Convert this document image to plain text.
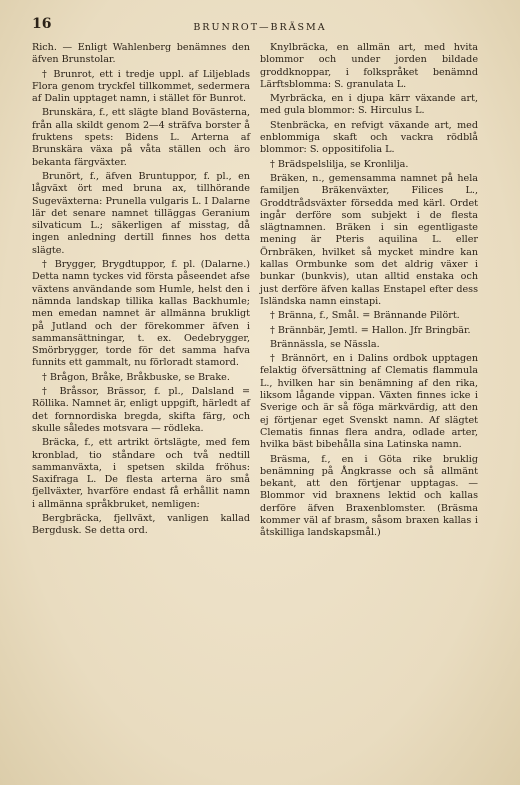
16	BRUNROT—BRÄSMA

Rich. — Enligt Wahlenberg benämnes den äfven Brunstolar.

† Brunrot, ett i tredje uppl. af Liljeblads Flora genom tryckfel tillkommet, sedermera af Dalin upptaget namn, i stället för Bunrot.

Brunskära, f., ett slägte bland Bovästerna, från alla skildt genom 2—4 sträfva borster å fruktens spets: Bidens L. Arterna af Brunskära växa på våta ställen och äro bekanta färgväxter.

Brunört, f., äfven Bruntuppor, f. pl., en lågväxt ört med bruna ax, tillhörande Sugeväxterna: Prunella vulgaris L. I Dalarne lär det senare namnet tilläggas Geranium silvaticum L.; säkerligen af misstag, då ingen anledning dertill finnes hos detta slägte.

† Brygger, Brygdtuppor, f. pl. (Dalarne.) Detta namn tyckes vid första påseendet afse växtens användande som Humle, helst den i nämnda landskap tillika kallas Backhumle; men emedan namnet är allmänna brukligt på Jutland och der förekommer äfven i sammansättningar, t. ex. Oedebrygger, Smörbrygger, torde för det samma hafva funnits ett gammalt, nu förloradt stamord.

† Brågon, Bråke, Bråkbuske, se Brake.

† Bråssor, Brässor, f. pl., Dalsland = Röllika. Namnet är, enligt uppgift, härledt af det fornnordiska bregda, skifta färg, och skulle således motsvara — rödleka.

Bräcka, f., ett artrikt örtslägte, med fem kronblad, tio ståndare och två nedtill sammanväxta, i spetsen skilda fröhus: Saxifraga L. De flesta arterna äro små fjellväxter, hvarföre endast få erhållit namn i allmänna språkbruket, nemligen:

Bergbräcka, fjellväxt, vanligen kallad Bergdusk. Se detta ord.

Knylbräcka, en allmän art, med hvita blommor och under jorden bildade groddknoppar, i folkspråket benämnd Lärftsblomma: S. granulata L.

Myrbräcka, en i djupa kärr växande art, med gula blommor: S. Hirculus L.

Stenbräcka, en refvigt växande art, med enblommiga skaft och vackra rödblå blommor: S. oppositifolia L.

† Brädspelslilja, se Kronlilja.

Bräken, n., gemensamma namnet på hela familjen Bräkenväxter, Filices L., Groddtrådsväxter försedda med kärl. Ordet ingår derföre som subjekt i de flesta slägtnamnen. Bräken i sin egentligaste mening är Pteris aquilina L. eller Örnbräken, hvilket så mycket mindre kan kallas Ormbunke som det aldrig växer i bunkar (bunkvis), utan alltid enstaka och just derföre äfven kallas Enstapel efter dess Isländska namn einstapi.

† Bränna, f., Smål. = Brännande Pilört.

† Brännbär, Jemtl. = Hallon. Jfr Bringbär.

Brännässla, se Nässla.

† Brännört, en i Dalins ordbok upptagen felaktig öfversättning af Clematis flammula L., hvilken har sin benämning af den rika, liksom lågande vippan. Växten finnes icke i Sverige och är så föga märkvärdig, att den ej förtjenar eget Svenskt namn. Af slägtet Clematis finnas flera andra, odlade arter, hvilka bäst bibehålla sina Latinska namn.

Bräsma, f., en i Göta rike bruklig benämning på Ångkrasse och så allmänt bekant, att den förtjenar upptagas. — Blommor vid braxnens lektid och kallas derföre äfven Braxenblomster. (Bräsma kommer väl af brasm, såsom braxen kallas i åtskilliga landskapsmål.)
